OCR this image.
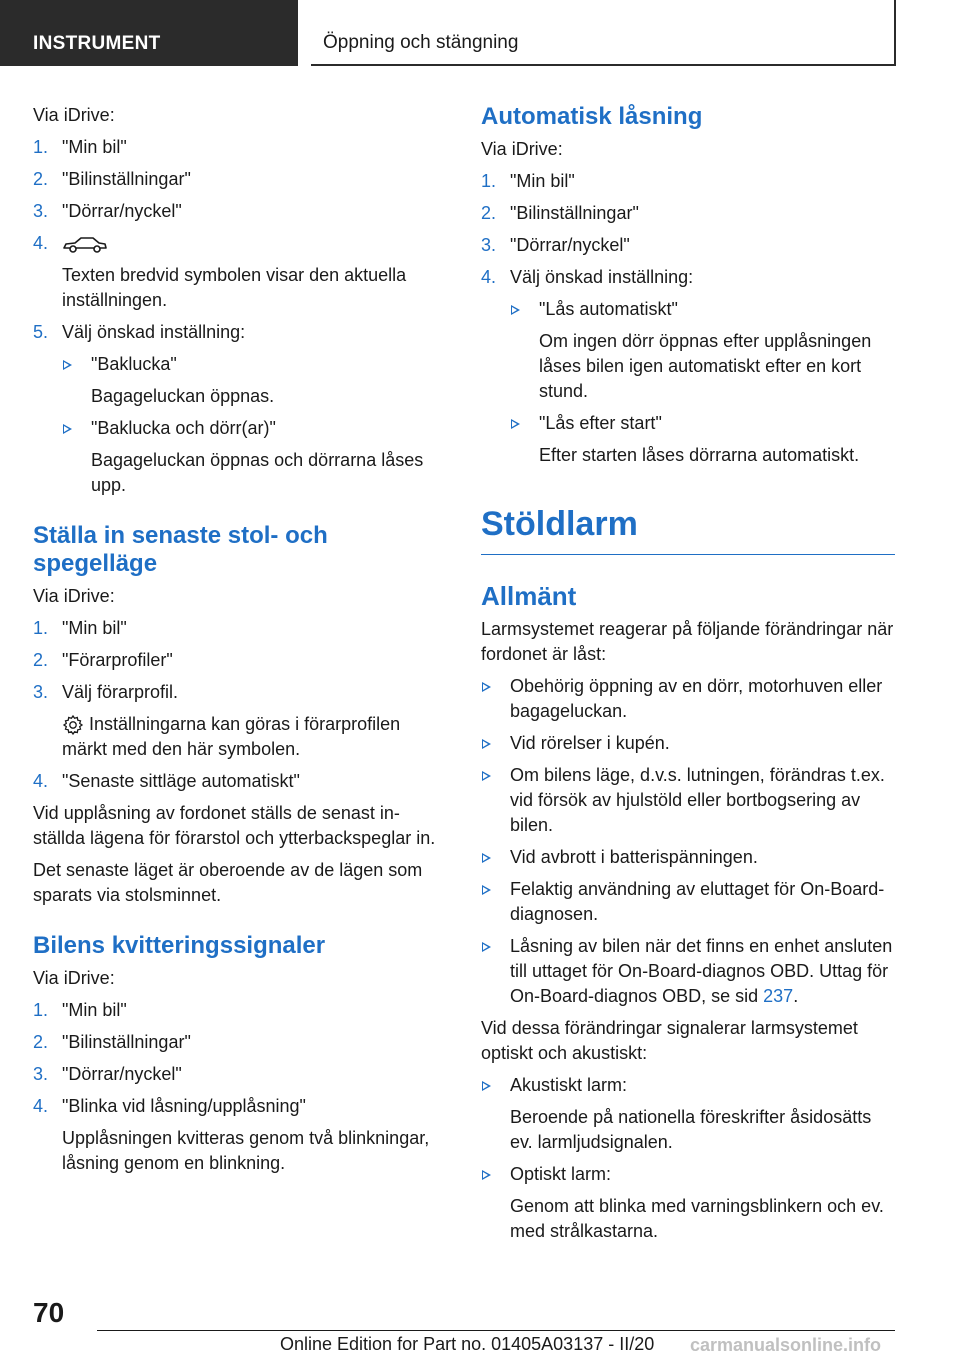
INSTRUMENT	Öppning och stängning

Via iDrive:

1. "Min bil"
2. "Bilinställningar"
3. "Dörrar/nyckel"
4.
Texten bredvid symbolen visar den aktuella inställningen.
5. Välj önskad inställning:
"Baklucka"
Bagageluckan öppnas.
"Baklucka och dörr(ar)"
Bagageluckan öppnas och dörrarna låses upp.
Ställa in senaste stol- och spegelläge

Via iDrive:

1. "Min bil"
2. "Förarprofiler"
3. Välj förarprofil.
Inställningarna kan göras i förarprofilen märkt med den här symbolen.
4. "Senaste sittläge automatiskt"

Vid upplåsning av fordonet ställs de senast inställda lägena för förarstol och ytterbackspeglar in.

Det senaste läget är oberoende av de lägen som sparats via stolsminnet.

Bilens kvitteringssignaler

Via iDrive:

1. "Min bil"
2. "Bilinställningar"
3. "Dörrar/nyckel"
4. "Blinka vid låsning/upplåsning"
Upplåsningen kvitteras genom två blinkningar, låsning genom en blinkning.
Automatisk låsning

Via iDrive:

1. "Min bil"
2. "Bilinställningar"
3. "Dörrar/nyckel"
4. Välj önskad inställning:
"Lås automatiskt"
Om ingen dörr öppnas efter upplåsningen låses bilen igen automatiskt efter en kort stund.
"Lås efter start"
Efter starten låses dörrarna automatiskt.
Stöldlarm
Allmänt

Larmsystemet reagerar på följande förändringar när fordonet är låst:

Obehörig öppning av en dörr, motorhuven eller bagageluckan.
Vid rörelser i kupén.
Om bilens läge, d.v.s. lutningen, förändras t.ex. vid försök av hjulstöld eller bortbogsering av bilen.
Vid avbrott i batterispänningen.
Felaktig användning av eluttaget för On-Board-diagnosen.
Låsning av bilen när det finns en enhet ansluten till uttaget för On-Board-diagnos OBD. Uttag för On-Board-diagnos OBD, se sid 237.

Vid dessa förändringar signalerar larmsystemet optiskt och akustiskt:

Akustiskt larm:
Beroende på nationella föreskrifter åsidosätts ev. larmljudsignalen.
Optiskt larm:
Genom att blinka med varningsblinkern och ev. med strålkastarna.
70
Online Edition for Part no. 01405A03137 - II/20 carmanualsonline.info
